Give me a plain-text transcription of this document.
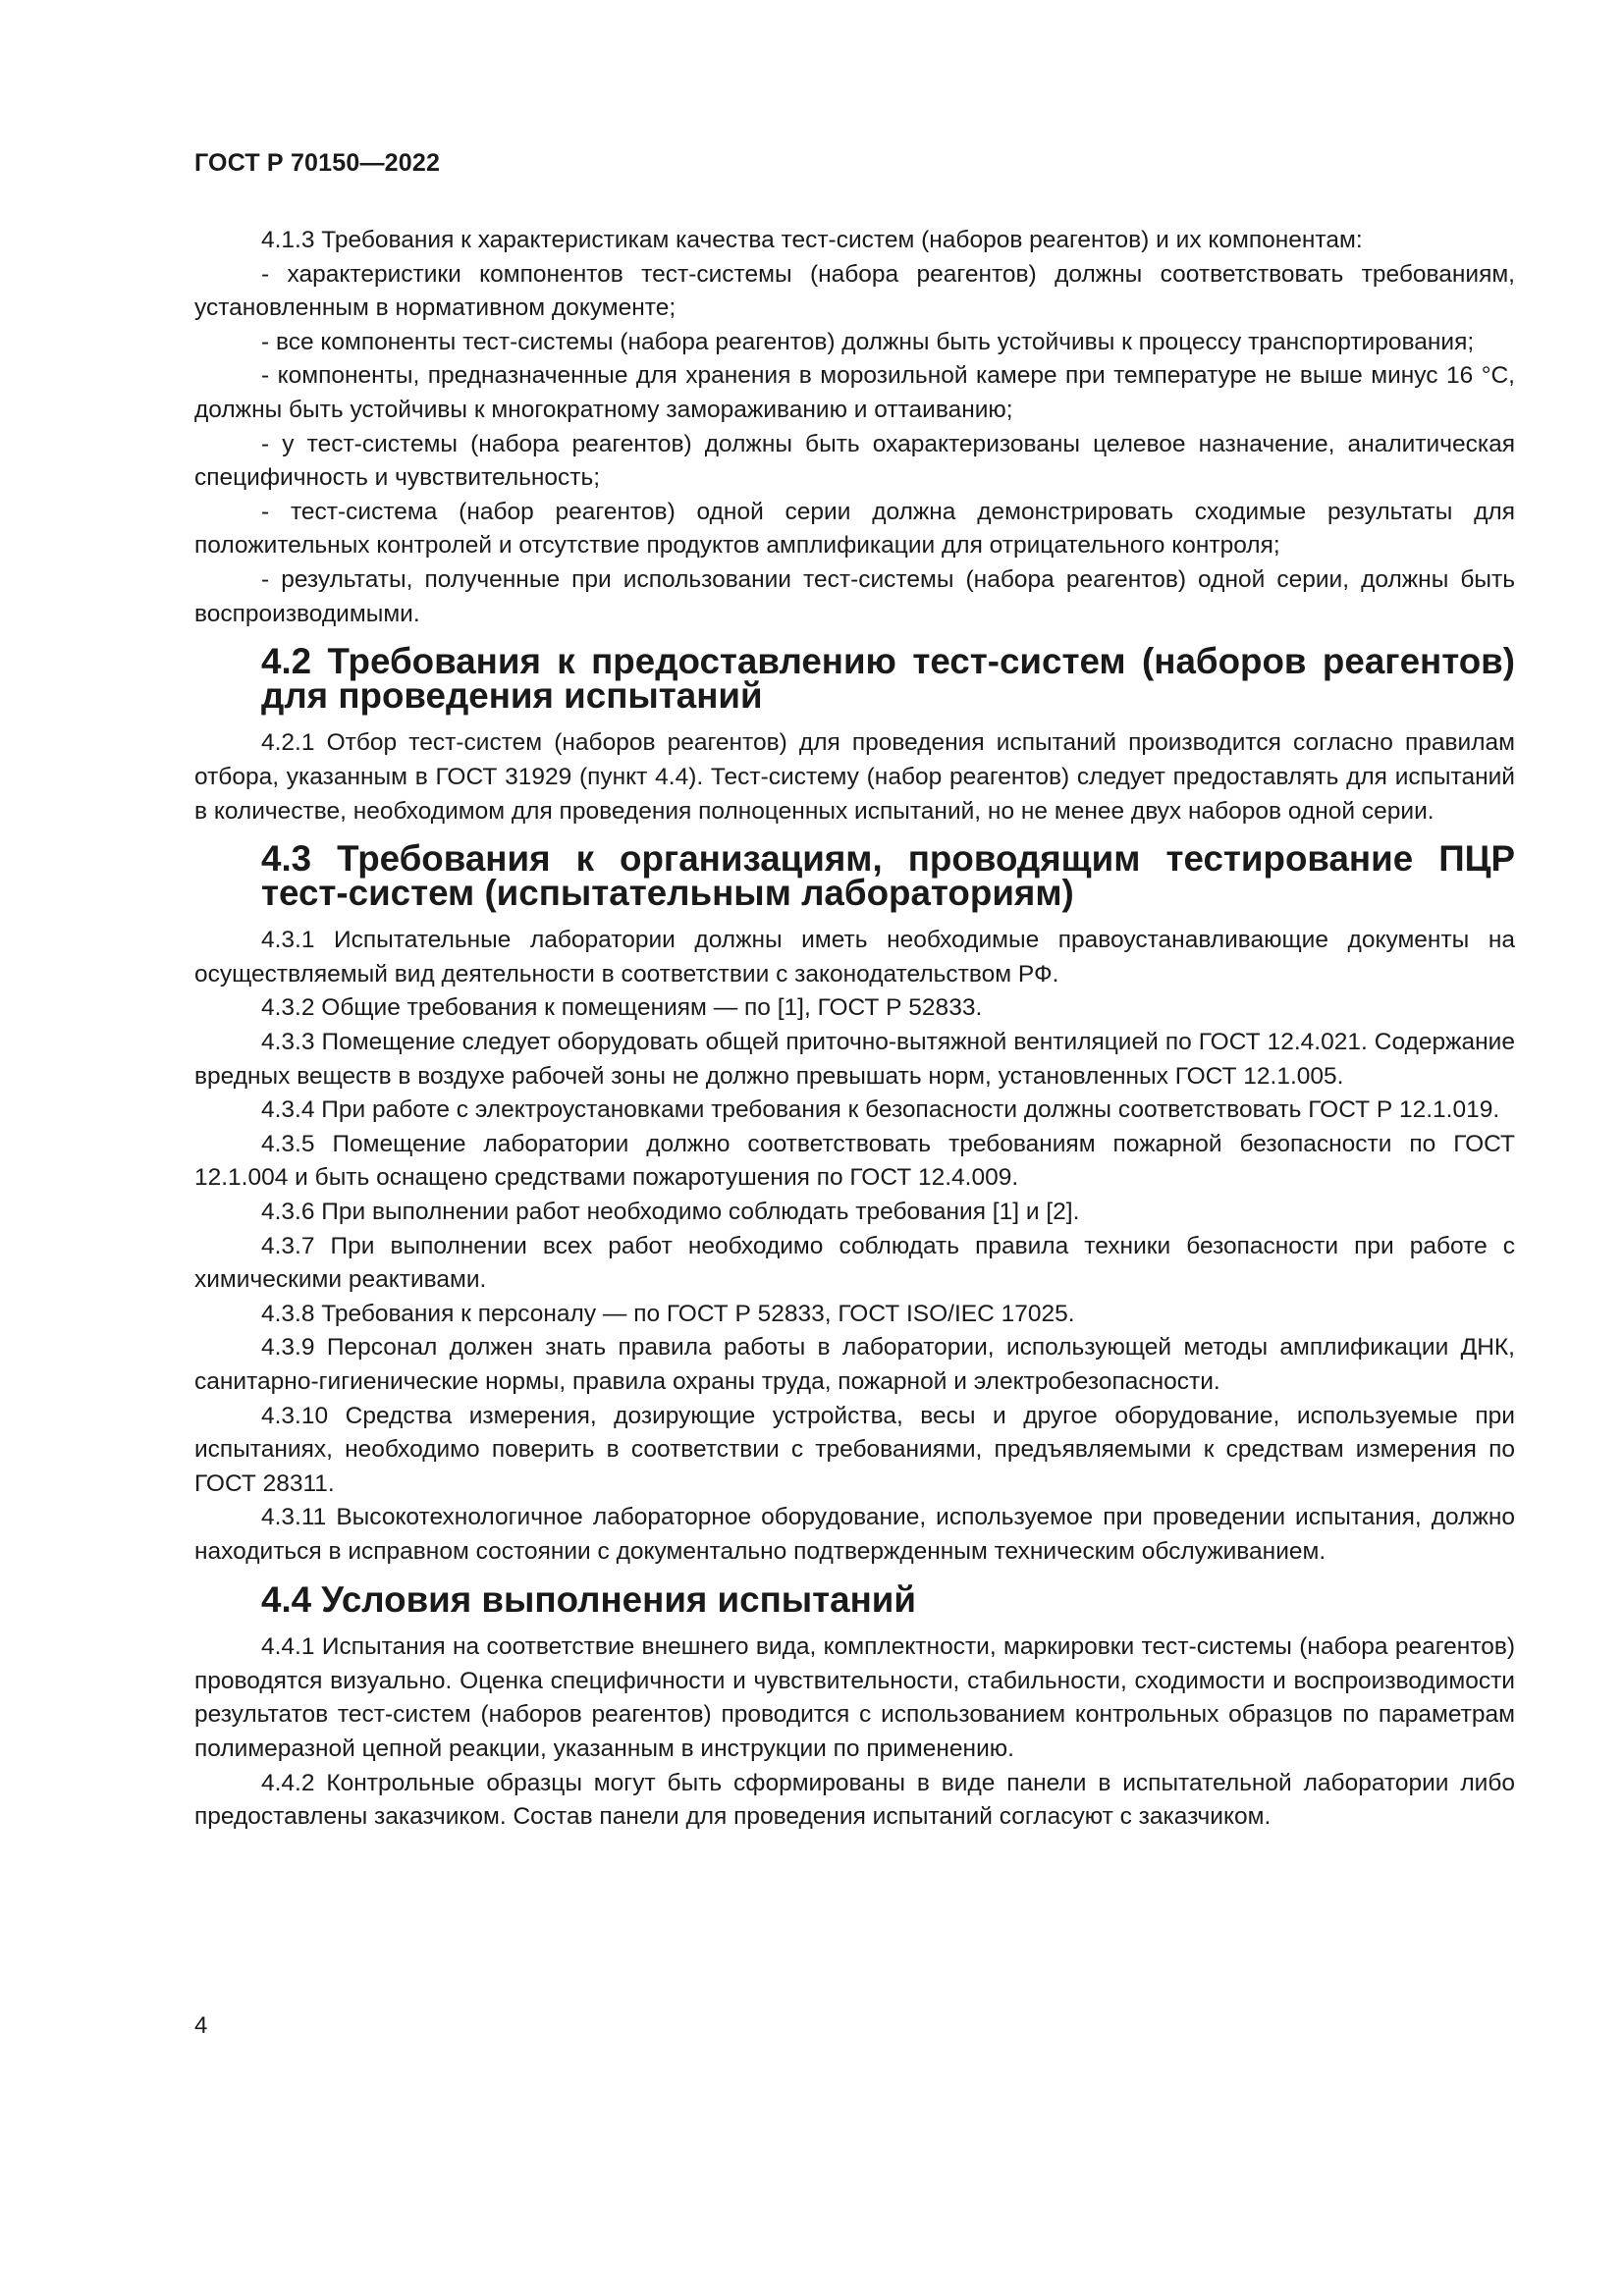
ГОСТ Р 70150—2022

4.1.3 Требования к характеристикам качества тест-систем (наборов реагентов) и их компонентам:

- характеристики компонентов тест-системы (набора реагентов) должны соответствовать требованиям, установленным в нормативном документе;

- все компоненты тест-системы (набора реагентов) должны быть устойчивы к процессу транспортирования;

- компоненты, предназначенные для хранения в морозильной камере при температуре не выше минус 16 °С, должны быть устойчивы к многократному замораживанию и оттаиванию;

- у тест-системы (набора реагентов) должны быть охарактеризованы целевое назначение, аналитическая специфичность и чувствительность;

- тест-система (набор реагентов) одной серии должна демонстрировать сходимые результаты для положительных контролей и отсутствие продуктов амплификации для отрицательного контроля;

- результаты, полученные при использовании тест-системы (набора реагентов) одной серии, должны быть воспроизводимыми.

4.2 Требования к предоставлению тест-систем (наборов реагентов) для проведения испытаний

4.2.1 Отбор тест-систем (наборов реагентов) для проведения испытаний производится согласно правилам отбора, указанным в ГОСТ 31929 (пункт 4.4). Тест-систему (набор реагентов) следует предоставлять для испытаний в количестве, необходимом для проведения полноценных испытаний, но не менее двух наборов одной серии.

4.3 Требования к организациям, проводящим тестирование ПЦР тест-систем (испытательным лабораториям)

4.3.1 Испытательные лаборатории должны иметь необходимые правоустанавливающие документы на осуществляемый вид деятельности в соответствии с законодательством РФ.

4.3.2 Общие требования к помещениям — по [1], ГОСТ Р 52833.

4.3.3 Помещение следует оборудовать общей приточно-вытяжной вентиляцией по ГОСТ 12.4.021. Содержание вредных веществ в воздухе рабочей зоны не должно превышать норм, установленных ГОСТ 12.1.005.

4.3.4 При работе с электроустановками требования к безопасности должны соответствовать ГОСТ Р 12.1.019.

4.3.5 Помещение лаборатории должно соответствовать требованиям пожарной безопасности по ГОСТ 12.1.004 и быть оснащено средствами пожаротушения по ГОСТ 12.4.009.

4.3.6 При выполнении работ необходимо соблюдать требования [1] и [2].

4.3.7 При выполнении всех работ необходимо соблюдать правила техники безопасности при работе с химическими реактивами.

4.3.8 Требования к персоналу — по ГОСТ Р 52833, ГОСТ ISO/IEC 17025.

4.3.9 Персонал должен знать правила работы в лаборатории, использующей методы амплификации ДНК, санитарно-гигиенические нормы, правила охраны труда, пожарной и электробезопасности.

4.3.10 Средства измерения, дозирующие устройства, весы и другое оборудование, используемые при испытаниях, необходимо поверить в соответствии с требованиями, предъявляемыми к средствам измерения по ГОСТ 28311.

4.3.11 Высокотехнологичное лабораторное оборудование, используемое при проведении испытания, должно находиться в исправном состоянии с документально подтвержденным техническим обслуживанием.

4.4 Условия выполнения испытаний

4.4.1 Испытания на соответствие внешнего вида, комплектности, маркировки тест-системы (набора реагентов) проводятся визуально. Оценка специфичности и чувствительности, стабильности, сходимости и воспроизводимости результатов тест-систем (наборов реагентов) проводится с использованием контрольных образцов по параметрам полимеразной цепной реакции, указанным в инструкции по применению.

4.4.2 Контрольные образцы могут быть сформированы в виде панели в испытательной лаборатории либо предоставлены заказчиком. Состав панели для проведения испытаний согласуют с заказчиком.

4
